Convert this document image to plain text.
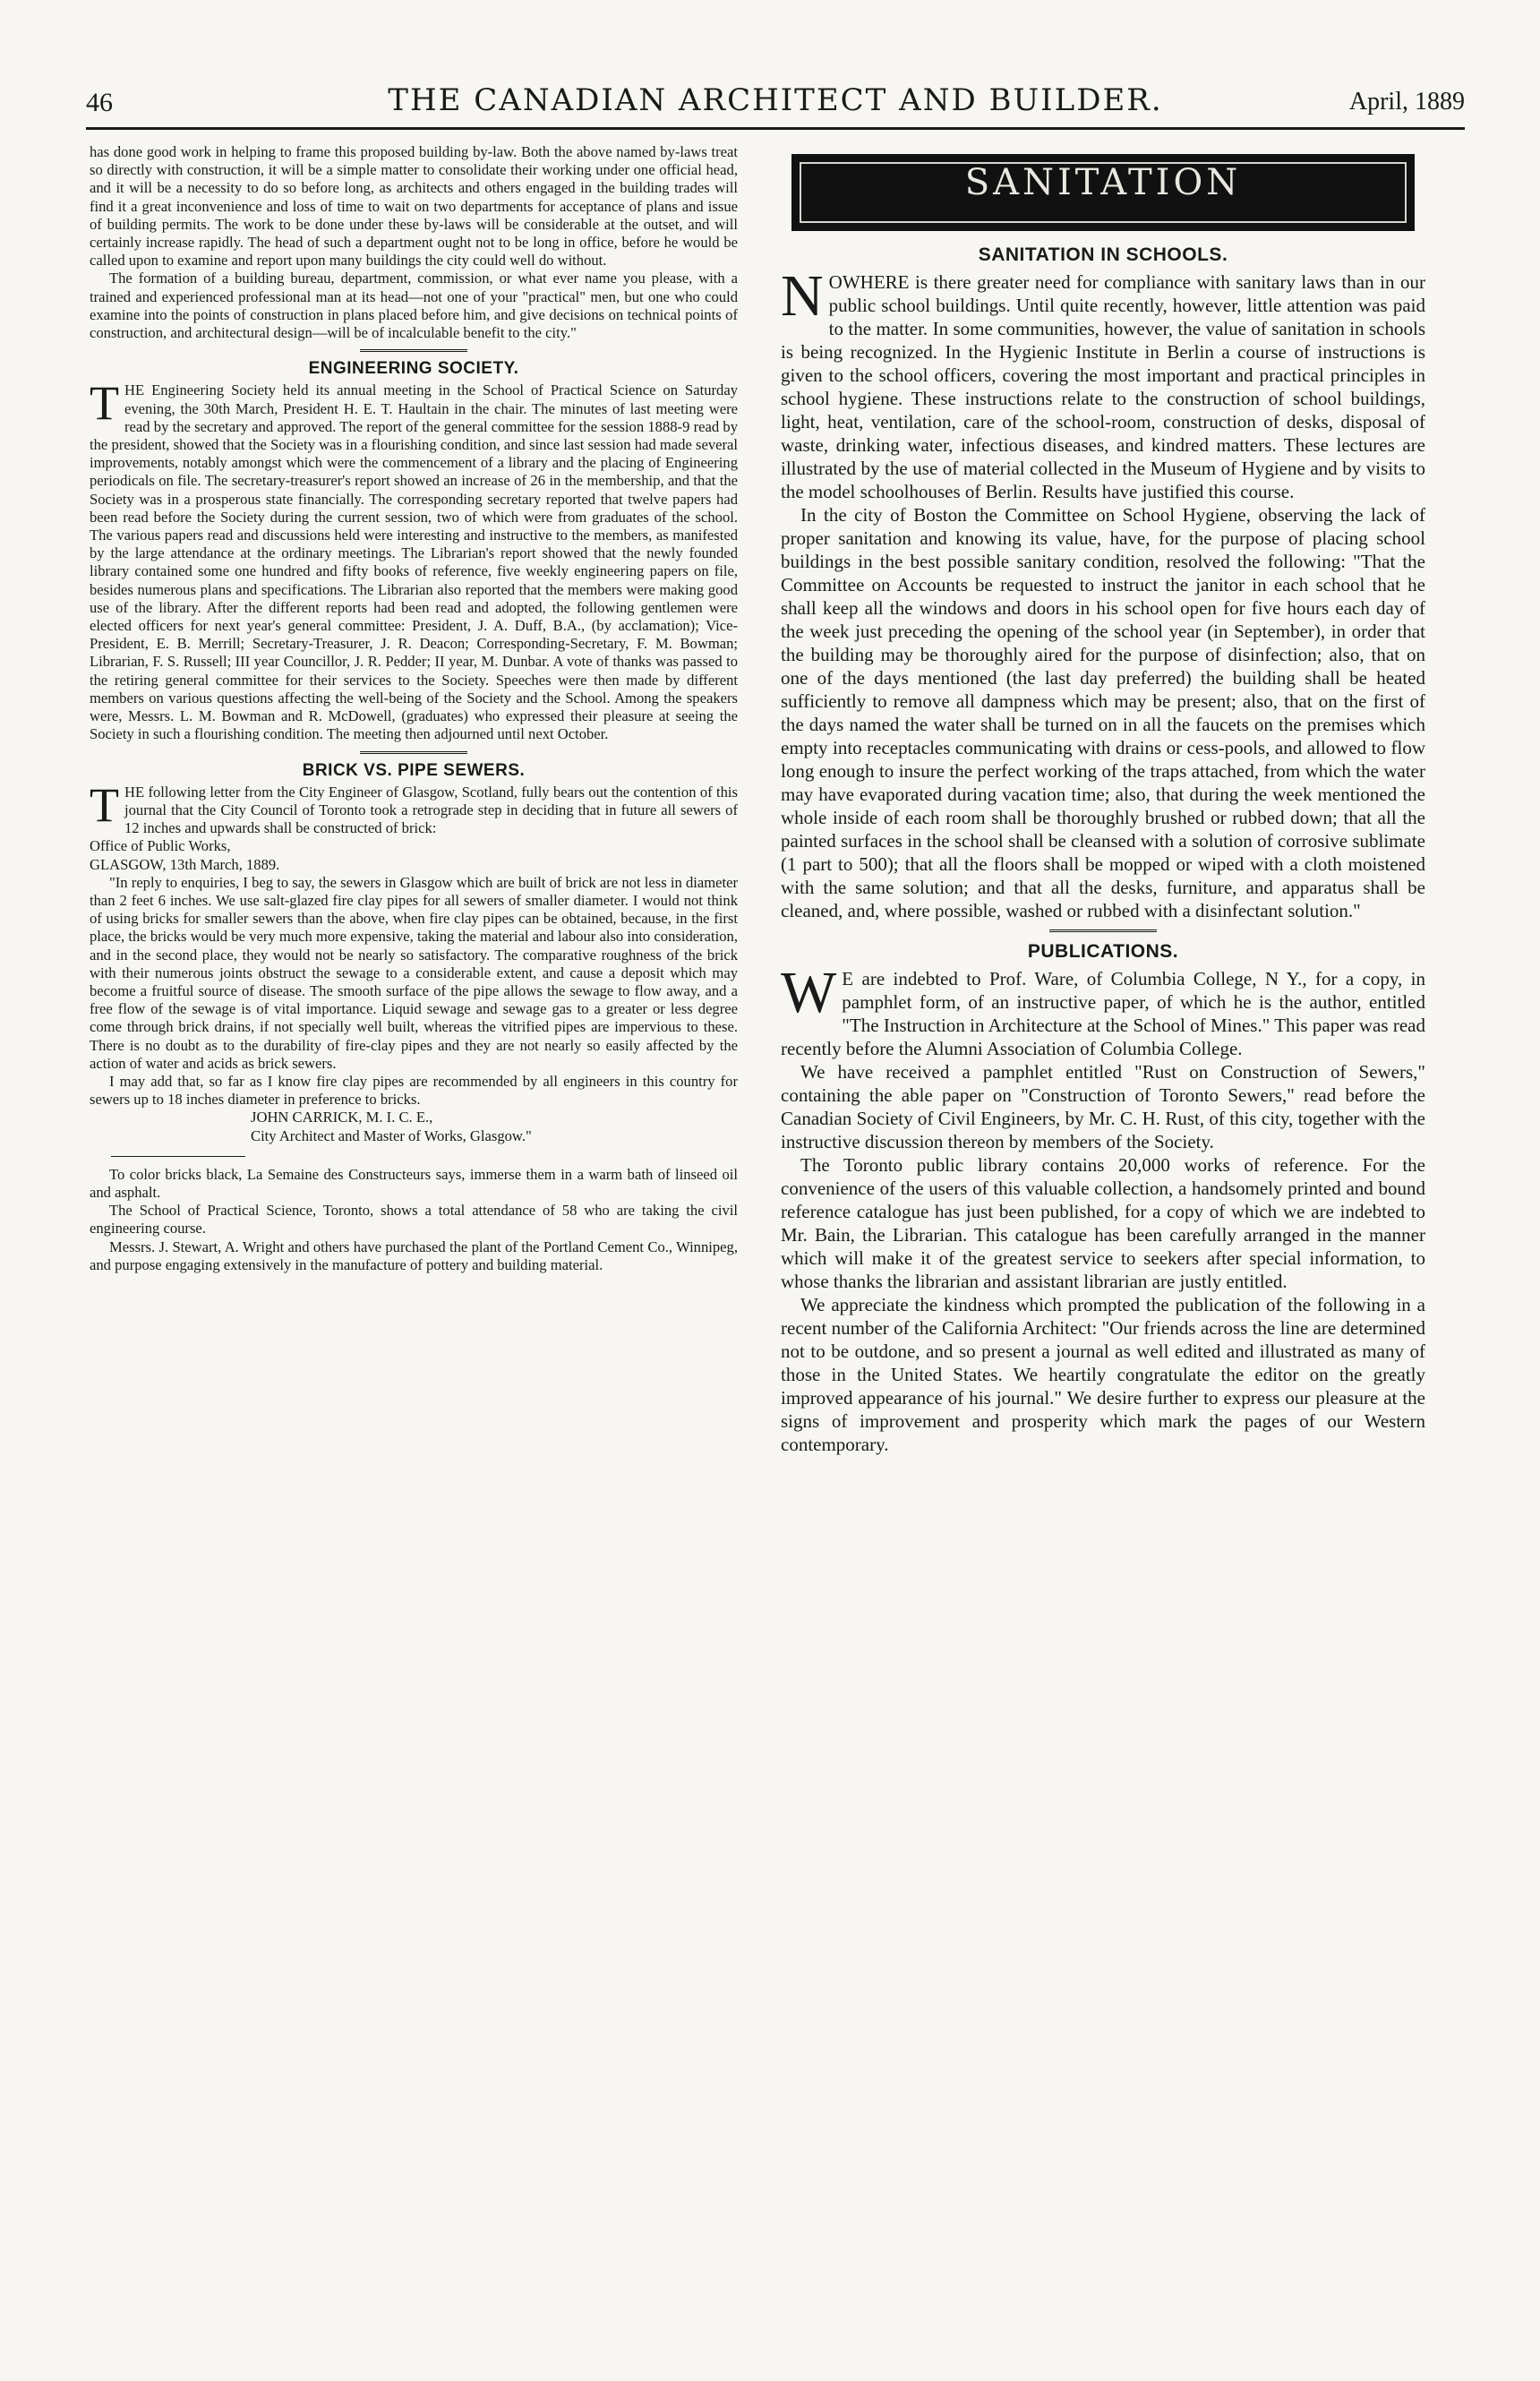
46	THE CANADIAN ARCHITECT AND BUILDER.	April, 1889

has done good work in helping to frame this proposed building by-law. Both the above named by-laws treat so directly with construction, it will be a simple matter to consolidate their working under one official head, and it will be a necessity to do so before long, as architects and others engaged in the building trades will find it a great inconvenience and loss of time to wait on two departments for acceptance of plans and issue of building permits. The work to be done under these by-laws will be considerable at the outset, and will certainly increase rapidly. The head of such a department ought not to be long in office, before he would be called upon to examine and report upon many buildings the city could well do without.

The formation of a building bureau, department, commission, or what ever name you please, with a trained and experienced professional man at its head—not one of your "practical" men, but one who could examine into the points of construction in plans placed before him, and give decisions on technical points of construction, and architectural design—will be of incalculable benefit to the city."

ENGINEERING SOCIETY.

THE Engineering Society held its annual meeting in the School of Practical Science on Saturday evening, the 30th March, President H. E. T. Haultain in the chair. The minutes of last meeting were read by the secretary and approved. The report of the general committee for the session 1888-9 read by the president, showed that the Society was in a flourishing condition, and since last session had made several improvements, notably amongst which were the commencement of a library and the placing of Engineering periodicals on file. The secretary-treasurer's report showed an increase of 26 in the membership, and that the Society was in a prosperous state financially. The corresponding secretary reported that twelve papers had been read before the Society during the current session, two of which were from graduates of the school. The various papers read and discussions held were interesting and instructive to the members, as manifested by the large attendance at the ordinary meetings. The Librarian's report showed that the newly founded library contained some one hundred and fifty books of reference, five weekly engineering papers on file, besides numerous plans and specifications. The Librarian also reported that the members were making good use of the library. After the different reports had been read and adopted, the following gentlemen were elected officers for next year's general committee: President, J. A. Duff, B.A., (by acclamation); Vice-President, E. B. Merrill; Secretary-Treasurer, J. R. Deacon; Corresponding-Secretary, F. M. Bowman; Librarian, F. S. Russell; III year Councillor, J. R. Pedder; II year, M. Dunbar. A vote of thanks was passed to the retiring general committee for their services to the Society. Speeches were then made by different members on various questions affecting the well-being of the Society and the School. Among the speakers were, Messrs. L. M. Bowman and R. McDowell, (graduates) who expressed their pleasure at seeing the Society in such a flourishing condition. The meeting then adjourned until next October.

BRICK VS. PIPE SEWERS.

THE following letter from the City Engineer of Glasgow, Scotland, fully bears out the contention of this journal that the City Council of Toronto took a retrograde step in deciding that in future all sewers of 12 inches and upwards shall be constructed of brick:

Office of Public Works,

GLASGOW, 13th March, 1889.

"In reply to enquiries, I beg to say, the sewers in Glasgow which are built of brick are not less in diameter than 2 feet 6 inches. We use salt-glazed fire clay pipes for all sewers of smaller diameter. I would not think of using bricks for smaller sewers than the above, when fire clay pipes can be obtained, because, in the first place, the bricks would be very much more expensive, taking the material and labour also into consideration, and in the second place, they would not be nearly so satisfactory. The comparative roughness of the brick with their numerous joints obstruct the sewage to a considerable extent, and cause a deposit which may become a fruitful source of disease. The smooth surface of the pipe allows the sewage to flow away, and a free flow of the sewage is of vital importance. Liquid sewage and sewage gas to a greater or less degree come through brick drains, if not specially well built, whereas the vitrified pipes are impervious to these. There is no doubt as to the durability of fire-clay pipes and they are not nearly so easily affected by the action of water and acids as brick sewers.

I may add that, so far as I know fire clay pipes are recommended by all engineers in this country for sewers up to 18 inches diameter in preference to bricks.

JOHN CARRICK, M. I. C. E.,

City Architect and Master of Works, Glasgow."

To color bricks black, La Semaine des Constructeurs says, immerse them in a warm bath of linseed oil and asphalt.

The School of Practical Science, Toronto, shows a total attendance of 58 who are taking the civil engineering course.

Messrs. J. Stewart, A. Wright and others have purchased the plant of the Portland Cement Co., Winnipeg, and purpose engaging extensively in the manufacture of pottery and building material.

SANITATION
SANITATION IN SCHOOLS.

NOWHERE is there greater need for compliance with sanitary laws than in our public school buildings. Until quite recently, however, little attention was paid to the matter. In some communities, however, the value of sanitation in schools is being recognized. In the Hygienic Institute in Berlin a course of instructions is given to the school officers, covering the most important and practical principles in school hygiene. These instructions relate to the construction of school buildings, light, heat, ventilation, care of the school-room, construction of desks, disposal of waste, drinking water, infectious diseases, and kindred matters. These lectures are illustrated by the use of material collected in the Museum of Hygiene and by visits to the model schoolhouses of Berlin. Results have justified this course.

In the city of Boston the Committee on School Hygiene, observing the lack of proper sanitation and knowing its value, have, for the purpose of placing school buildings in the best possible sanitary condition, resolved the following: "That the Committee on Accounts be requested to instruct the janitor in each school that he shall keep all the windows and doors in his school open for five hours each day of the week just preceding the opening of the school year (in September), in order that the building may be thoroughly aired for the purpose of disinfection; also, that on one of the days mentioned (the last day preferred) the building shall be heated sufficiently to remove all dampness which may be present; also, that on the first of the days named the water shall be turned on in all the faucets on the premises which empty into receptacles communicating with drains or cess-pools, and allowed to flow long enough to insure the perfect working of the traps attached, from which the water may have evaporated during vacation time; also, that during the week mentioned the whole inside of each room shall be thoroughly brushed or rubbed down; that all the painted surfaces in the school shall be cleansed with a solution of corrosive sublimate (1 part to 500); that all the floors shall be mopped or wiped with a cloth moistened with the same solution; and that all the desks, furniture, and apparatus shall be cleaned, and, where possible, washed or rubbed with a disinfectant solution."

PUBLICATIONS.

W E are indebted to Prof. Ware, of Columbia College, N Y., for a copy, in pamphlet form, of an instructive paper, of which he is the author, entitled "The Instruction in Architecture at the School of Mines." This paper was read recently before the Alumni Association of Columbia College.

We have received a pamphlet entitled "Rust on Construction of Sewers," containing the able paper on "Construction of Toronto Sewers," read before the Canadian Society of Civil Engineers, by Mr. C. H. Rust, of this city, together with the instructive discussion thereon by members of the Society.

The Toronto public library contains 20,000 works of reference. For the convenience of the users of this valuable collection, a handsomely printed and bound reference catalogue has just been published, for a copy of which we are indebted to Mr. Bain, the Librarian. This catalogue has been carefully arranged in the manner which will make it of the greatest service to seekers after special information, to whose thanks the librarian and assistant librarian are justly entitled.

We appreciate the kindness which prompted the publication of the following in a recent number of the California Architect: "Our friends across the line are determined not to be outdone, and so present a journal as well edited and illustrated as many of those in the United States. We heartily congratulate the editor on the greatly improved appearance of his journal." We desire further to express our pleasure at the signs of improvement and prosperity which mark the pages of our Western contemporary.
